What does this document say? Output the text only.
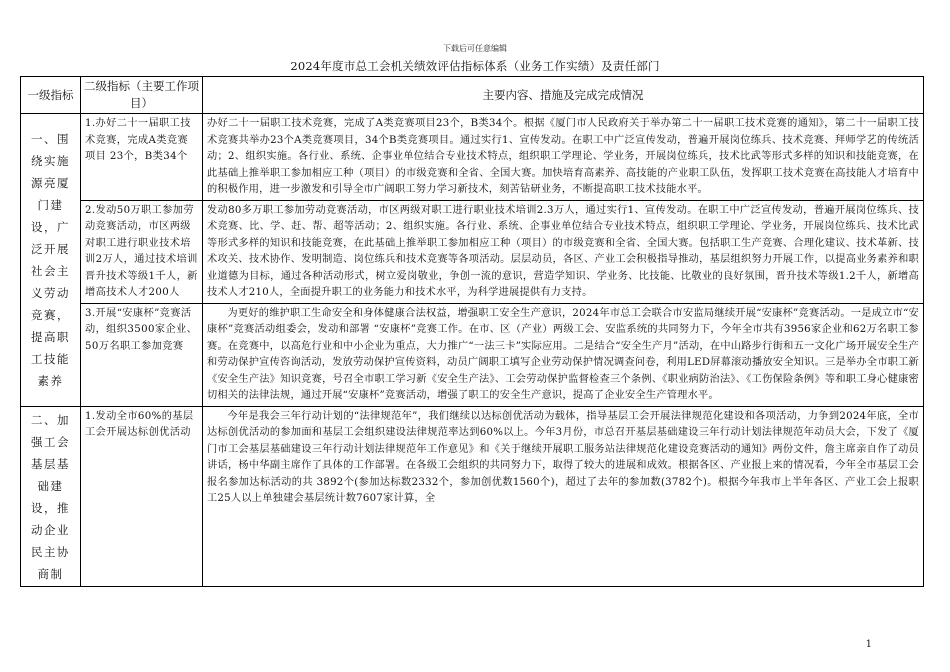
下载后可任意编辑
2024年度市总工会机关绩效评估指标体系（业务工作实绩）及责任部门
一级指标	二级指标（主要工作项目）	主要内容、措施及完成完成情况
一、围绕实施源亮厦门建设，广泛开展社会主义劳动竞赛，提高职工技能素养	1.办好二十一届职工技术竞赛，完成A类竞赛项目 23个，B类34个	办好二十一届职工技术竞赛，完成了A类竞赛项目23个，B类34个。根据《厦门市人民政府关于举办第二十一届职工技术竞赛的通知》，第二十一届职工技术竞赛共举办23个A类竞赛项目，34个B类竞赛项目。通过实行1、宣传发动。在职工中广泛宣传发动，普遍开展岗位练兵、技术竞赛、拜师学艺的传统活动；2、组织实施。各行业、系统、企事业单位结合专业技术特点，组织职工学理论、学业务，开展岗位练兵，技术比武等形式多样的知识和技能竞赛，在此基础上推举职工参加相应工种（项目）的市级竞赛和全省、全国大赛。加快培育高素养、高技能的产业职工队伍，发挥职工技术竞赛在高技能人才培育中的积极作用，进一步激发和引导全市广阔职工努力学习新技术，刻苦钻研业务，不断提高职工技术技能水平。

	2.发动50万职工参加劳动竞赛活动，市区两级对职工进行职业技术培训2万人，通过技术培训晋升技术等级1千人，新增高技术人才200人	发动80多万职工参加劳动竞赛活动，市区两级对职工进行职业技术培训2.3万人，通过实行1、宣传发动。在职工中广泛宣传发动，普遍开展岗位练兵、技术竞赛、比、学、赶、帮、超等活动；2、组织实施。各行业、系统、企事业单位结合专业技术特点，组织职工学理论、学业务，开展岗位练兵、技术比武等形式多样的知识和技能竞赛，在此基础上推举职工参加相应工种（项目）的市级竞赛和全省、全国大赛。包括职工生产竞赛、合理化建议、技术革新、技术攻关、技术协作、发明制造、岗位练兵和技术竞赛等各项活动。层层动员，各区、产业工会积极指导推动，基层组织努力开展工作，以提高业务素养和职业道德为目标，通过各种活动形式，树立爱岗敬业，争创一流的意识，营造学知识、学业务、比技能、比敬业的良好氛围，晋升技术等级1.2千人，新增高技术人才210人，全面提升职工的业务能力和技术水平，为科学进展提供有力支持。

	3.开展“安康杯”竞赛活动，组织3500家企业、50万名职工参加竞赛	为更好的维护职工生命安全和身体健康合法权益，增强职工安全生产意识，2024年市总工会联合市安监局继续开展“安康杯”竞赛活动。一是成立市“安康杯”竞赛活动组委会，发动和部署 “安康杯”竞赛工作。在市、区（产业）两级工会、安监系统的共同努力下，今年全市共有3956家企业和62万名职工参赛。在竞赛中，以高危行业和中小企业为重点，大力推广“一法三卡”实际应用。二是结合“安全生产月”活动，在中山路步行街和五一文化广场开展安全生产和劳动保护宣传咨询活动，发放劳动保护宣传资料，动员广阔职工填写企业劳动保护情况调查问卷，利用LED屏幕滚动播放安全知识。三是举办全市职工新《安全生产法》知识竞赛，号召全市职工学习新《安全生产法》、工会劳动保护监督检查三个条例、《职业病防治法》、《工伤保险条例》等和职工身心健康密切相关的法律法规，通过开展“安康杯”竞赛活动，增强了职工的安全生产意识，提高了企业安全生产管理水平。

二、加强工会基层基础建设，推动企业民主协商制	1.发动全市60%的基层工会开展达标创优活动	今年是我会三年行动计划的“法律规范年”，我们继续以达标创优活动为载体，指导基层工会开展法律规范化建设和各项活动，力争到2024年底，全市达标创优活动的参加面和基层工会组织建设法律规范率达到60%以上。今年3月份，市总召开基层基础建设三年行动计划法律规范年动员大会，下发了《厦门市工会基层基础建设三年行动计划法律规范年工作意见》和《关于继续开展职工服务站法律规范化建设竞赛活动的通知》两份文件，詹主席亲自作了动员讲话，杨中华副主席作了具体的工作部署。在各级工会组织的共同努力下，取得了较大的进展和成效。根据各区、产业报上来的情况看，今年全市基层工会报名参加达标活动的共 3892个(参加达标数2332个，参加创优数1560个)，超过了去年的参加数(3782个)。根据今年我市上半年各区、产业工会上报职工25人以上单独建会基层统计数7607家计算，全

1
